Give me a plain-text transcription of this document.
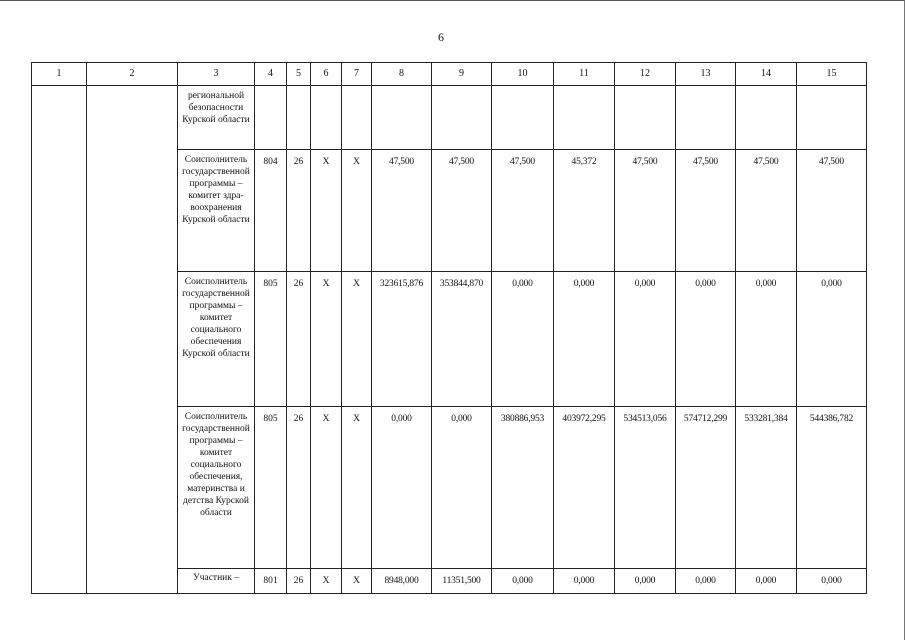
6
1	2	3	4	5	6	7	8	9	10	11	12	13	14	15
		региональной безопасности Курской области												
		Соисполнитель государственной программы – комитет здравоохранения Курской области	804	26	X	X	47,500	47,500	47,500	45,372	47,500	47,500	47,500	47,500
		Соисполнитель государственной программы – комитет социального обеспечения Курской области	805	26	X	X	323615,876	353844,870	0,000	0,000	0,000	0,000	0,000	0,000
		Соисполнитель государственной программы – комитет социального обеспечения, материнства и детства Курской области	805	26	X	X	0,000	0,000	380886,953	403972,295	534513,056	574712,299	533281,384	544386,782
		Участник –	801	26	X	X	8948,000	11351,500	0,000	0,000	0,000	0,000	0,000	0,000
